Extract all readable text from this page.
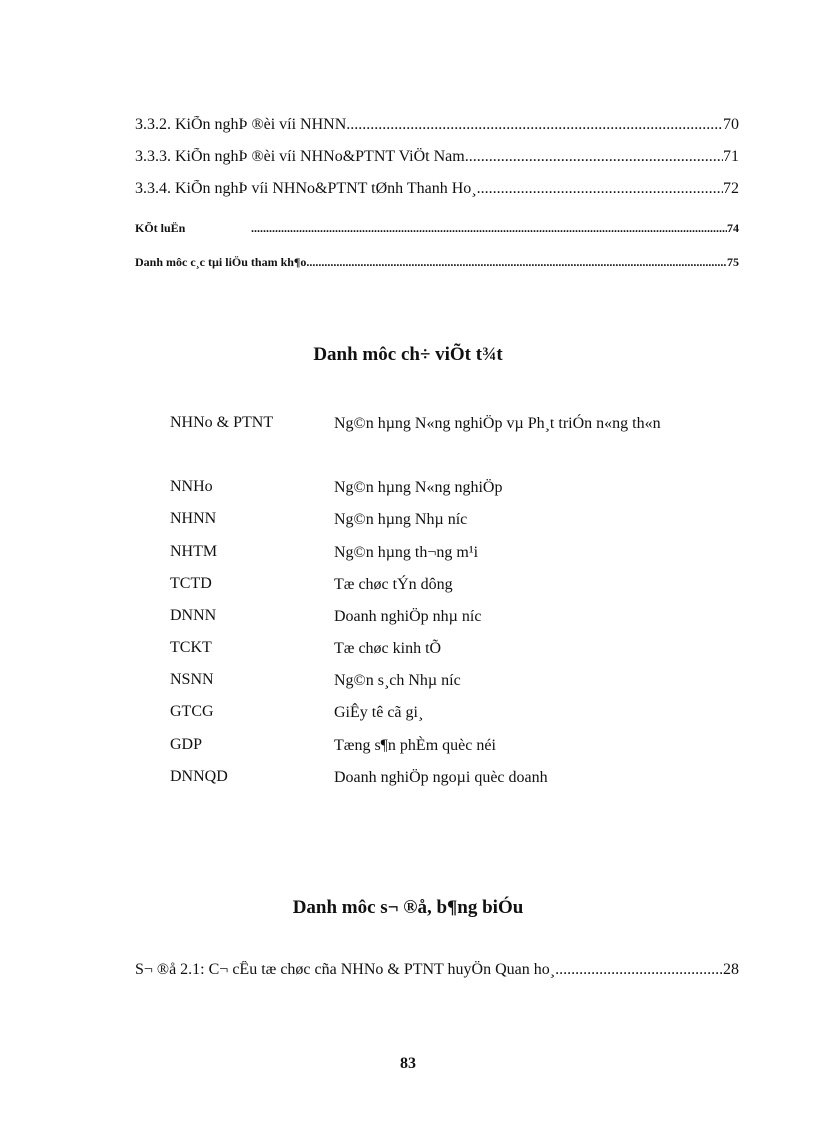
3.3.2. KiÕn nghÞ ®èi víi NHNN .....	70
3.3.3. KiÕn nghÞ ®èi víi NHNo&PTNT ViÖt Nam .....	71
3.3.4. KiÕn nghÞ víi NHNo&PTNT tØnh Thanh Ho¸. .....	72
KÕt luËn .....	74
Danh môc c¸c tµi liÖu tham kh¶o .....	75
Danh môc ch÷ viÕt t¾t
NHNo & PTNT	Ng©n hµng N«ng nghiÖp vµ Ph¸t triÓn n«ng th«n
NNHo	Ng©n hµng N«ng nghiÖp
NHNN	Ng©n hµng Nhµ níc
NHTM	Ng©n hµng th¬ng m¹i
TCTD	Tæ chøc tÝn dông
DNNN	Doanh nghiÖp nhµ níc
TCKT	Tæ chøc kinh tÕ
NSNN	Ng©n s¸ch Nhµ níc
GTCG	GiÊy tê cã gi¸
GDP	Tæng s¶n phÈm quèc néi
DNNQD	Doanh nghiÖp ngoµi quèc doanh
Danh môc s¬ ®å, b¶ng biÓu
S¬ ®å 2.1: C¬ cÊu tæ chøc cña NHNo & PTNT huyÖn Quan ho¸ .....	28
83
